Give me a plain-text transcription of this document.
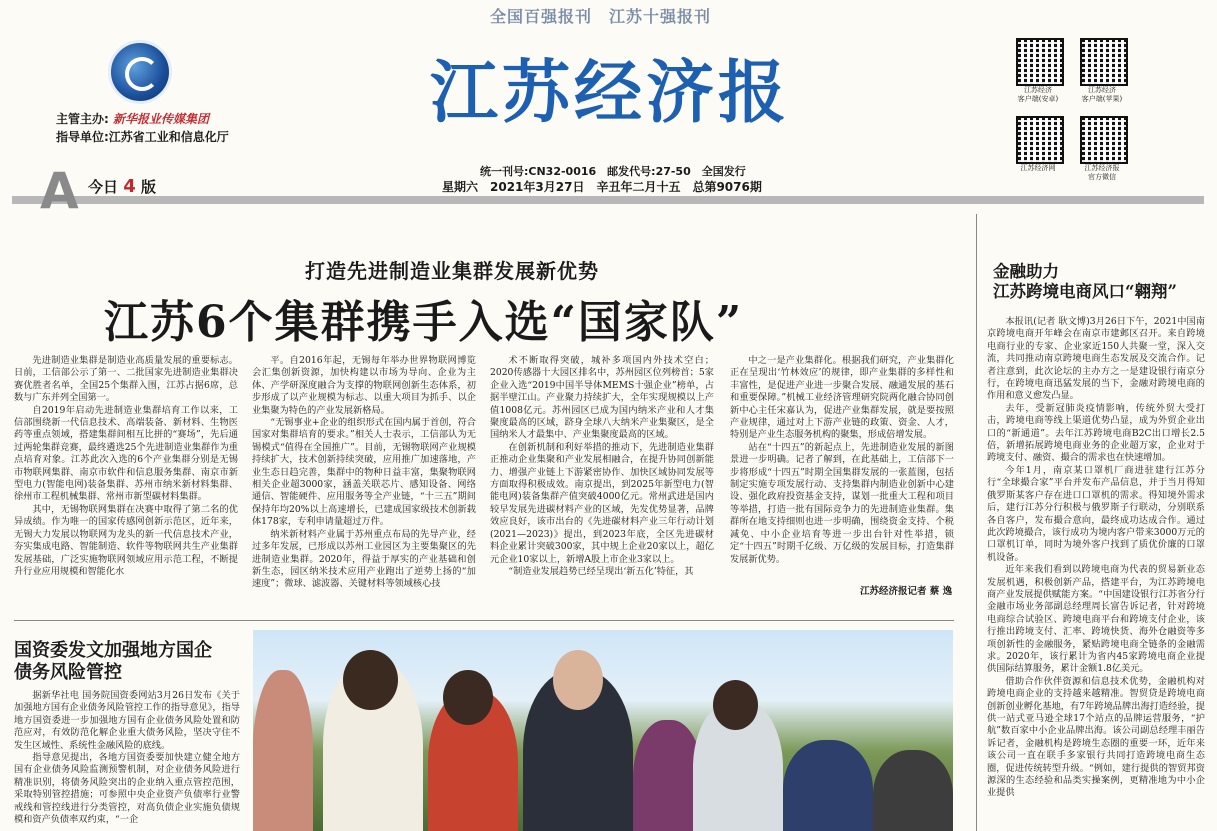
全国百强报刊　江苏十强报刊
主管主办: 新华报业传媒集团
指导单位:江苏省工业和信息化厅
江苏经济报
统一刊号:CN32-0016　邮发代号:27-50　全国发行
星期六　2021年3月27日　辛丑年二月十五　总第9076期
江苏经济
客户端(安卓)
江苏经济
客户端(苹果)
江苏经济网	江苏经济报
官方微信
A 今日 4 版
打造先进制造业集群发展新优势
江苏6个集群携手入选“国家队”

先进制造业集群是制造业高质量发展的重要标志。日前，工信部公示了第一、二批国家先进制造业集群决赛优胜者名单，全国25个集群入围，江苏占据6席，总数与广东并列全国第一。

自2019年启动先进制造业集群培育工作以来，工信部围绕新一代信息技术、高端装备、新材料、生物医药等重点领域，搭建集群间相互比拼的“赛场”，先后通过两轮集群竞赛，最终遴选25个先进制造业集群作为重点培育对象。江苏此次入选的6个产业集群分别是无锡市物联网集群、南京市软件和信息服务集群、南京市新型电力(智能电网)装备集群、苏州市纳米新材料集群、徐州市工程机械集群、常州市新型碳材料集群。

其中，无锡物联网集群在决赛中取得了第二名的优异成绩。作为唯一的国家传感网创新示范区，近年来，无锡大力发展以物联网为龙头的新一代信息技术产业，夯实集成电路、智能制造、软件等物联网共生产业集群发展基础，广泛实施物联网领域应用示范工程，不断提升行业应用规模和智能化水

平。自2016年起，无锡每年举办世界物联网博览会汇集创新资源，加快构建以市场为导向、企业为主体、产学研深度融合为支撑的物联网创新生态体系，初步形成了以产业规模为标志、以重大项目为抓手、以企业集聚为特色的产业发展新格局。

“无锡事业+企业的组织形式在国内属于首创，符合国家对集群培育的要求。”相关人士表示，工信部认为无锡模式“值得在全国推广”。目前，无锡物联网产业规模持续扩大，技术创新持续突破，应用推广加速落地，产业生态日趋完善，集群中的物种日益丰富，集聚物联网相关企业超3000家，涵盖关联芯片、感知设备、网络通信、智能硬件、应用服务等全产业链，“十三五”期间保持年均20%以上高速增长，已建成国家级技术创新载体178家，专利申请量超过万件。

纳米新材料产业属于苏州重点布局的先导产业，经过多年发展，已形成以苏州工业园区为主要集聚区的先进制造业集群。2020年，得益于厚实的产业基础和创新生态，园区纳米技术应用产业跑出了逆势上扬的“加速度”；微球、滤波器、关键材料等领域核心技

术不断取得突破，城补多项国内外技术空白；2020传感器十大园区排名中，苏州园区位列榜首；5家企业入选“2019中国半导体MEMS十强企业”榜单，占据半壁江山。产业聚力持续扩大，全年实现规模以上产值1008亿元。苏州园区已成为国内纳米产业和人才集聚度最高的区域，跻身全球八大纳米产业集聚区，是全国纳米人才最集中、产业集聚度最高的区域。

在创新机制和利好举措的推动下，先进制造业集群正推动企业集聚和产业发展相融合，在提升协同创新能力、增强产业链上下游紧密协作、加快区域协同发展等方面取得积极成效。南京提出，到2025年新型电力(智能电网)装备集群产值突破4000亿元。常州武进是国内较早发展先进碳材料产业的区域，先发优势显著，品牌效应良好，该市出台的《先进碳材料产业三年行动计划(2021—2023)》提出，到2023年底，全区先进碳材料企业累计突破300家，其中规上企业20家以上，超亿元企业10家以上，新增A股上市企业3家以上。

“制造业发展趋势已经呈现出‘新五化’特征，其

中之一是产业集群化。根据我们研究，产业集群化正在呈现出‘竹林效应’的规律，即产业集群的多样性和丰富性，是促进产业进一步聚合发展、融通发展的基石和重要保障。”机械工业经济管理研究院两化融合协同创新中心主任宋嘉认为，促进产业集群发展，就是要按照产业规律，通过对上下游产业链的政策、资金、人才，特别是产业生态服务机构的聚集，形成倍增发展。

站在“十四五”的新起点上，先进制造业发展的新图景进一步明确。记者了解到，在此基础上，工信部下一步将形成“十四五”时期全国集群发展的一张蓝图，包括制定实施专项发展行动、支持集群内制造业创新中心建设、强化政府投资基金支持，谋划一批重大工程和项目等举措，打造一批有国际竞争力的先进制造业集群。集群所在地支持细则也进一步明确，围绕资金支持、个税减免、中小企业培育等进一步出台针对性举措，锁定“十四五”时期千亿级、万亿级的发展目标，打造集群发展新优势。

江苏经济报记者 蔡 逸
金融助力
江苏跨境电商风口“翱翔”

本报讯(记者 耿文博)3月26日下午，2021中国南京跨境电商开年峰会在南京市建邺区召开。来自跨境电商行业的专家、企业家近150人共聚一堂，深入交流，共同推动南京跨境电商生态发展及交流合作。记者注意到，此次论坛的主办方之一是建设银行南京分行，在跨境电商迅猛发展的当下，金融对跨境电商的作用和意义愈发凸显。

去年，受新冠肺炎疫情影响，传统外贸大受打击，跨境电商等线上渠道优势凸显，成为外贸企业出口的“新通道”。去年江苏跨境电商B2C出口增长2.5倍，新增拓展跨境电商业务的企业超万家，企业对于跨境支付、融资、撮合的需求也在快速增加。

今年1月，南京某口罩机厂商进驻建行江苏分行“全球撮合家”平台并发布产品信息，并于当月得知俄罗斯某客户存在进口口罩机的需求。得知境外需求后，建行江苏分行积极与俄罗斯子行联动，分别联系各自客户，发布撮合意向，最终成功达成合作。通过此次跨境撮合，该行成功为境内客户带来3000万元的口罩机订单，同时为境外客户找到了质优价廉的口罩机设备。

近年来我们看到以跨境电商为代表的贸易新业态发展机遇，积极创新产品，搭建平台，为江苏跨境电商产业发展提供赋能方案。“中国建设银行江苏省分行金融市场业务部副总经理周长富告诉记者，针对跨境电商综合试验区、跨境电商平台和跨境支付企业，该行推出跨境支付、汇率、跨境快货、海外仓融资等多项创新性的金融服务，紧贴跨境电商全链条的金融需求。2020年，该行累计为省内45家跨境电商企业提供国际结算服务，累计金额1.8亿美元。

借助合作伙伴资源和信息技术优势，金融机构对跨境电商企业的支持越来越精准。智贸贷是跨境电商创新创业孵化基地，有7年跨境品牌出海打造经验，提供一站式亚马逊全球17个站点的品牌运营服务，“护航”数百家中小企业品牌出海。该公司副总经理丰丽告诉记者，金融机构是跨境生态圈的重要一环，近年来该公司一直在联手多家银行共同打造跨境电商生态圈，促进传统转型升级。“例如，建行提供的智贸邦资源深的生态经验和品类实操案例，更精准地为中小企业提供

国资委发文加强地方国企
债务风险管控

据新华社电 国务院国资委网站3月26日发布《关于加强地方国有企业债务风险管控工作的指导意见》，指导地方国资委进一步加强地方国有企业债务风险处置和防范应对，有效防范化解企业重大债务风险，坚决守住不发生区域性、系统性金融风险的底线。

指导意见提出，各地方国资委要加快建立健全地方国有企业债务风险监测预警机制，对企业债务风险进行精准识别，将债务风险突出的企业纳入重点管控范围，采取特别管控措施；可参照中央企业资产负债率行业警戒线和管控线进行分类管控，对高负债企业实施负债规模和资产负债率双约束，“一企
